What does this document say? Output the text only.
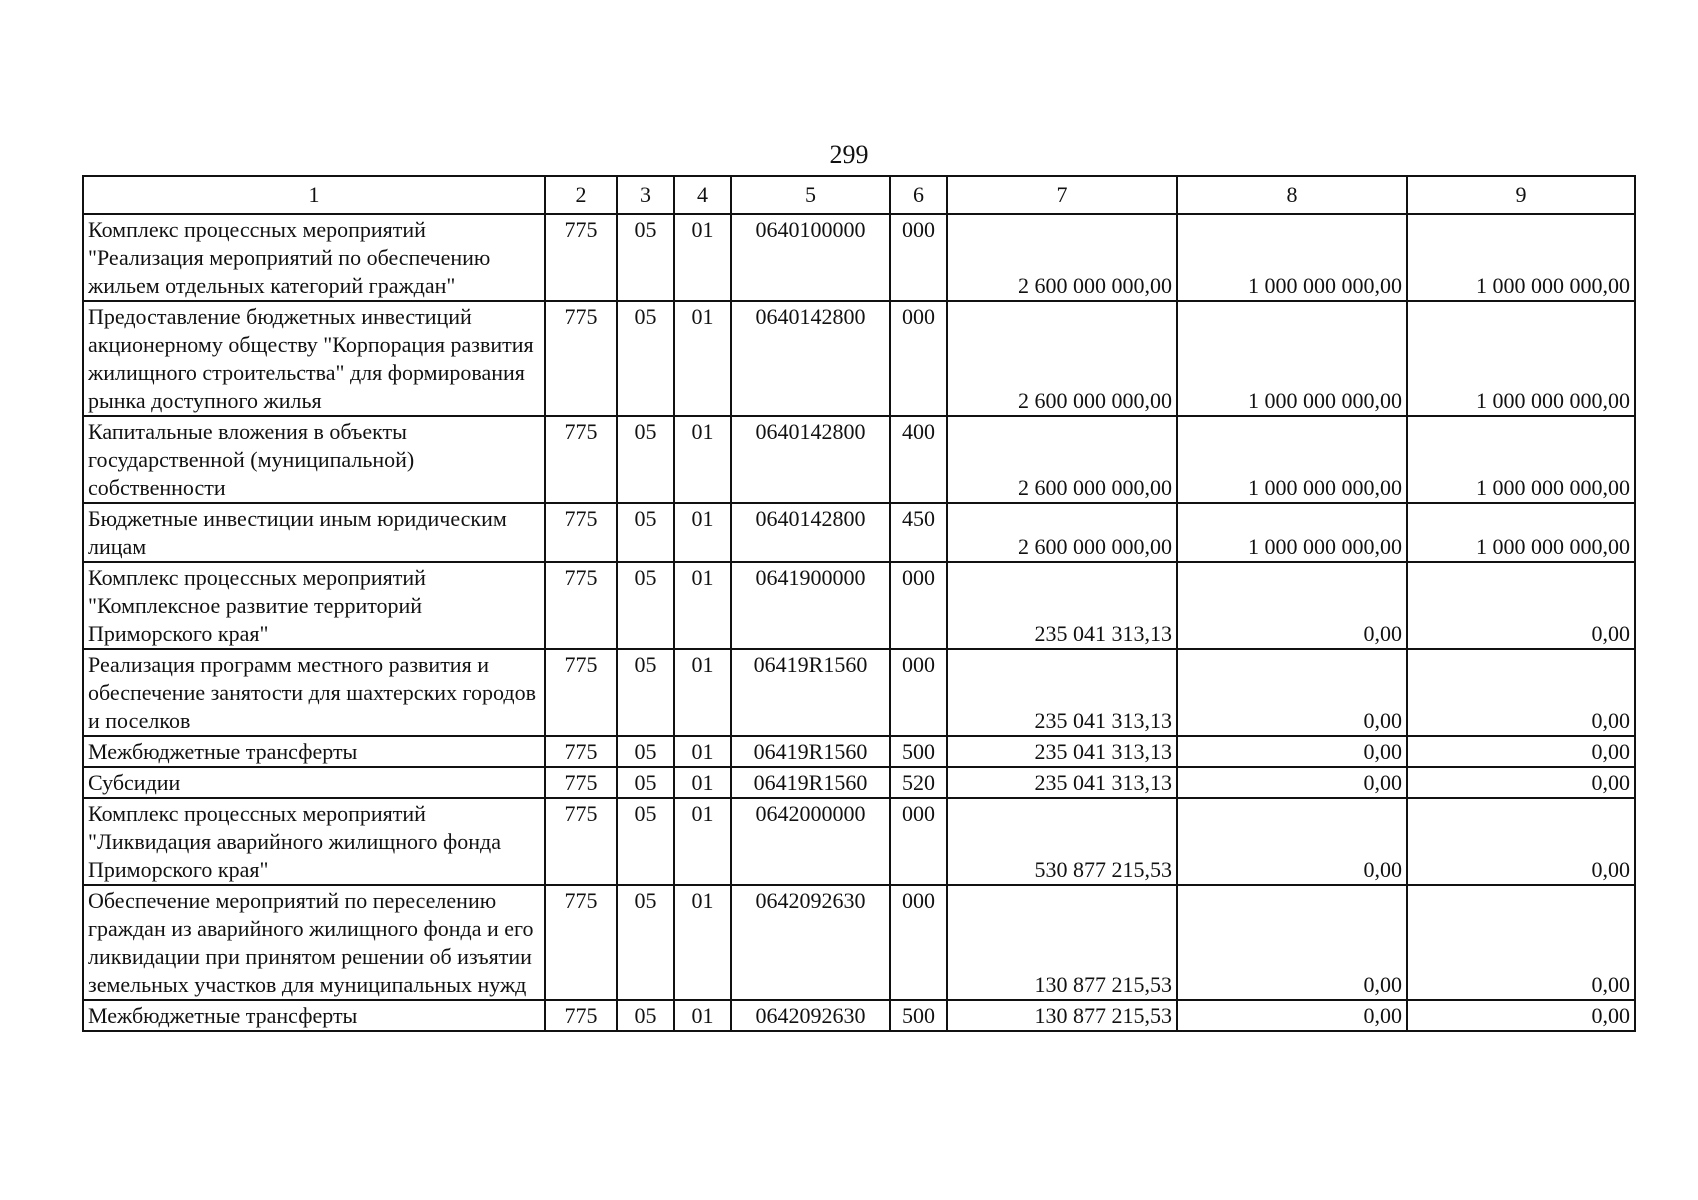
299
1	2	3	4	5	6	7	8	9
Комплекс процессных мероприятий "Реализация мероприятий по обеспечению жильем отдельных категорий граждан"	775	05	01	0640100000	000	2 600 000 000,00	1 000 000 000,00	1 000 000 000,00
Предоставление бюджетных инвестиций акционерному обществу "Корпорация развития жилищного строительства" для формирования рынка доступного жилья	775	05	01	0640142800	000	2 600 000 000,00	1 000 000 000,00	1 000 000 000,00
Капитальные вложения в объекты государственной (муниципальной) собственности	775	05	01	0640142800	400	2 600 000 000,00	1 000 000 000,00	1 000 000 000,00
Бюджетные инвестиции иным юридическим лицам	775	05	01	0640142800	450	2 600 000 000,00	1 000 000 000,00	1 000 000 000,00
Комплекс процессных мероприятий "Комплексное развитие территорий Приморского края"	775	05	01	0641900000	000	235 041 313,13	0,00	0,00
Реализация программ местного развития и обеспечение занятости для шахтерских городов и поселков	775	05	01	06419R1560	000	235 041 313,13	0,00	0,00
Межбюджетные трансферты	775	05	01	06419R1560	500	235 041 313,13	0,00	0,00
Субсидии	775	05	01	06419R1560	520	235 041 313,13	0,00	0,00
Комплекс процессных мероприятий "Ликвидация аварийного жилищного фонда Приморского края"	775	05	01	0642000000	000	530 877 215,53	0,00	0,00
Обеспечение мероприятий по переселению граждан из аварийного жилищного фонда и его ликвидации при принятом решении об изъятии земельных участков для муниципальных нужд	775	05	01	0642092630	000	130 877 215,53	0,00	0,00
Межбюджетные трансферты	775	05	01	0642092630	500	130 877 215,53	0,00	0,00
